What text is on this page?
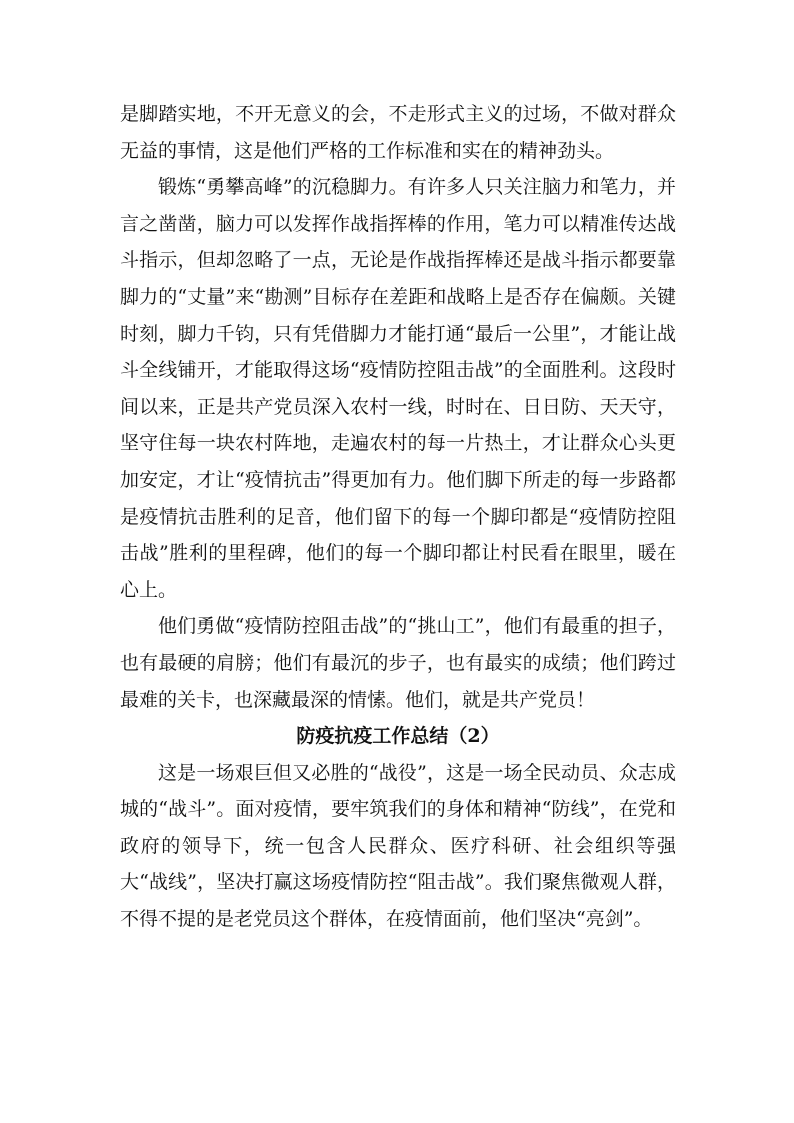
是脚踏实地，不开无意义的会，不走形式主义的过场，不做对群众无益的事情，这是他们严格的工作标准和实在的精神劲头。

锻炼“勇攀高峰”的沉稳脚力。有许多人只关注脑力和笔力，并言之凿凿，脑力可以发挥作战指挥棒的作用，笔力可以精准传达战斗指示，但却忽略了一点，无论是作战指挥棒还是战斗指示都要靠脚力的“丈量”来“勘测”目标存在差距和战略上是否存在偏颇。关键时刻，脚力千钧，只有凭借脚力才能打通“最后一公里”，才能让战斗全线铺开，才能取得这场“疫情防控阻击战”的全面胜利。这段时间以来，正是共产党员深入农村一线，时时在、日日防、天天守，坚守住每一块农村阵地，走遍农村的每一片热土，才让群众心头更加安定，才让“疫情抗击”得更加有力。他们脚下所走的每一步路都是疫情抗击胜利的足音，他们留下的每一个脚印都是“疫情防控阻击战”胜利的里程碑，他们的每一个脚印都让村民看在眼里，暖在心上。

他们勇做“疫情防控阻击战”的“挑山工”，他们有最重的担子，也有最硬的肩膀；他们有最沉的步子，也有最实的成绩；他们跨过最难的关卡，也深藏最深的情愫。他们，就是共产党员！

防疫抗疫工作总结（2）

这是一场艰巨但又必胜的“战役”，这是一场全民动员、众志成城的“战斗”。面对疫情，要牢筑我们的身体和精神“防线”，在党和政府的领导下，统一包含人民群众、医疗科研、社会组织等强大“战线”，坚决打赢这场疫情防控“阻击战”。我们聚焦微观人群，不得不提的是老党员这个群体，在疫情面前，他们坚决“亮剑”。
